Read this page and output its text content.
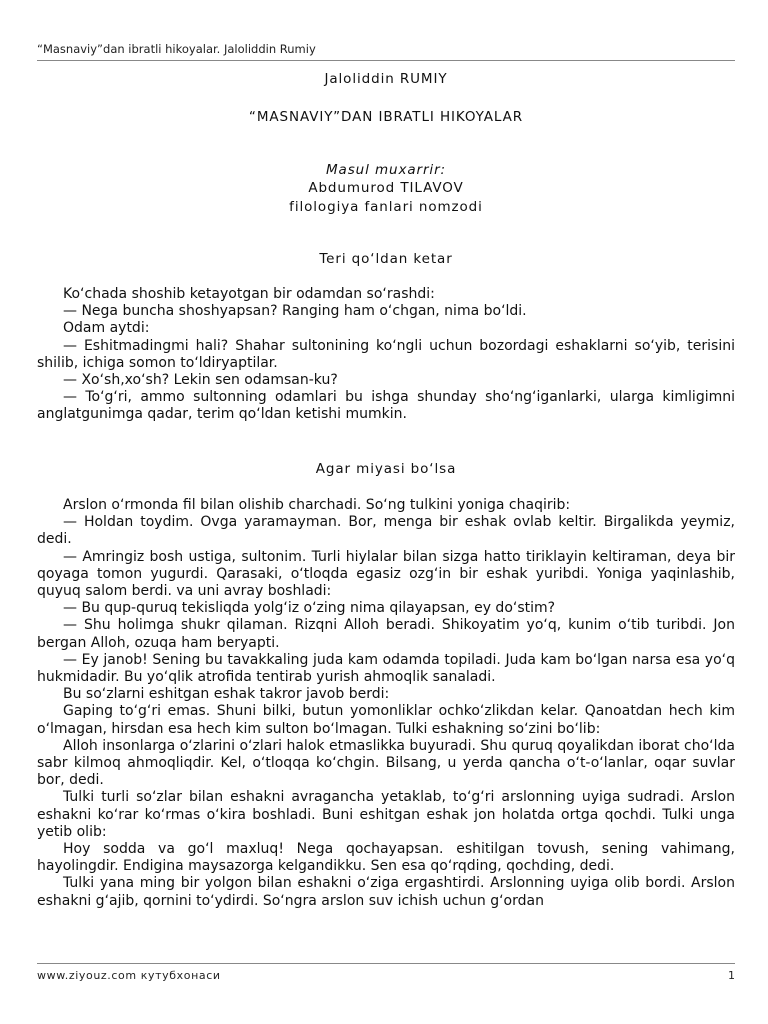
“Masnaviy”dan ibratli hikoyalar. Jaloliddin Rumiy
Jaloliddin RUMIY
“MASNAVIY”DAN IBRATLI HIKOYALAR
Masul muxarrir:
Abdumurod TILAVOV
filologiya fanlari nomzodi
Teri qo‘ldan ketar

Ko‘chada shoshib ketayotgan bir odamdan so‘rashdi:

— Nega buncha shoshyapsan? Ranging ham o‘chgan, nima bo‘ldi.

Odam aytdi:

— Eshitmadingmi hali? Shahar sultonining ko‘ngli uchun bozordagi eshaklarni so‘yib, terisini shilib, ichiga somon to‘ldiryaptilar.

— Xo‘sh,xo‘sh? Lekin sen odamsan-ku?

— To‘g‘ri, ammo sultonning odamlari bu ishga shunday sho‘ng‘iganlarki, ularga kimligimni anglatgunimga qadar, terim qo‘ldan ketishi mumkin.

Agar miyasi bo‘lsa

Arslon o‘rmonda fil bilan olishib charchadi. So‘ng tulkini yoniga chaqirib:

— Holdan toydim. Ovga yaramayman. Bor, menga bir eshak ovlab keltir. Birgalikda yeymiz, dedi.

— Amringiz bosh ustiga, sultonim. Turli hiylalar bilan sizga hatto tiriklayin keltiraman, deya bir qoyaga tomon yugurdi. Qarasaki, o‘tloqda egasiz ozg‘in bir eshak yuribdi. Yoniga yaqinlashib, quyuq salom berdi. va uni avray boshladi:

— Bu qup-quruq tekisliqda yolg‘iz o‘zing nima qilayapsan, ey do‘stim?

— Shu holimga shukr qilaman. Rizqni Alloh beradi. Shikoyatim yo‘q, kunim o‘tib turibdi. Jon bergan Alloh, ozuqa ham beryapti.

— Ey janob! Sening bu tavakkaling juda kam odamda topiladi. Juda kam bo‘lgan narsa esa yo‘q hukmidadir. Bu yo‘qlik atrofida tentirab yurish ahmoqlik sanaladi.

Bu so‘zlarni eshitgan eshak takror javob berdi:

Gaping to‘g‘ri emas. Shuni bilki, butun yomonliklar ochko‘zlikdan kelar. Qanoatdan hech kim o‘lmagan, hirsdan esa hech kim sulton bo‘lmagan. Tulki eshakning so‘zini bo‘lib:

Alloh insonlarga o‘zlarini o‘zlari halok etmaslikka buyuradi. Shu quruq qoyalikdan iborat cho‘lda sabr kilmoq ahmoqliqdir. Kel, o‘tloqqa ko‘chgin. Bilsang, u yerda qancha o‘t-o‘lanlar, oqar suvlar bor, dedi.

Tulki turli so‘zlar bilan eshakni avragancha yetaklab, to‘g‘ri arslonning uyiga sudradi. Arslon eshakni ko‘rar ko‘rmas o‘kira boshladi. Buni eshitgan eshak jon holatda ortga qochdi. Tulki unga yetib olib:

Hoy sodda va go‘l maxluq! Nega qochayapsan. eshitilgan tovush, sening vahimang, hayolingdir. Endigina maysazorga kelgandikku. Sen esa qo‘rqding, qochding, dedi.

Tulki yana ming bir yolgon bilan eshakni o‘ziga ergashtirdi. Arslonning uyiga olib bordi. Arslon eshakni g‘ajib, qornini to‘ydirdi. So‘ngra arslon suv ichish uchun g‘ordan

www.ziyouz.com кутубхонаси	1
